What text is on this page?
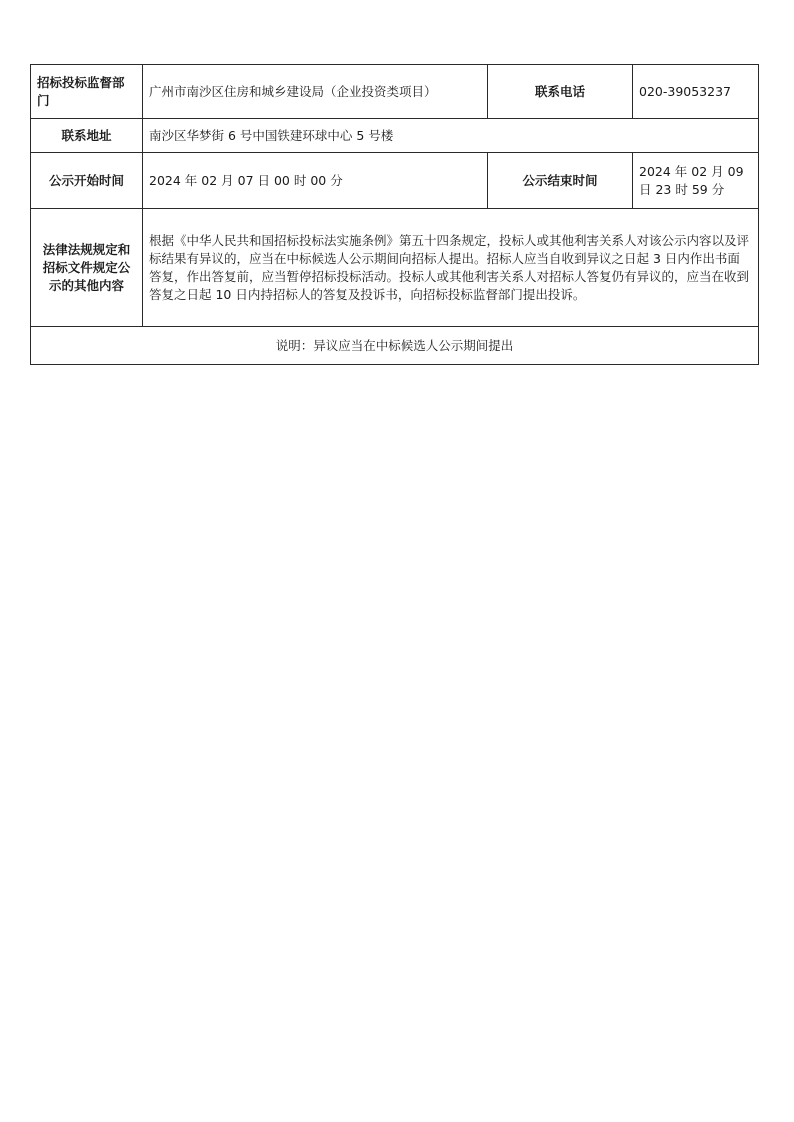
招标投标监督部门	广州市南沙区住房和城乡建设局（企业投资类项目）	联系电话	020-39053237
联系地址	南沙区华梦街 6 号中国铁建环球中心 5 号楼		
公示开始时间	2024 年 02 月 07 日 00 时 00 分	公示结束时间	2024 年 02 月 09 日 23 时 59 分
法律法规规定和招标文件规定公示的其他内容	根据《中华人民共和国招标投标法实施条例》第五十四条规定，投标人或其他利害关系人对该公示内容以及评标结果有异议的，应当在中标候选人公示期间向招标人提出。招标人应当自收到异议之日起 3 日内作出书面答复，作出答复前，应当暂停招标投标活动。投标人或其他利害关系人对招标人答复仍有异议的，应当在收到答复之日起 10 日内持招标人的答复及投诉书，向招标投标监督部门提出投诉。		
说明：异议应当在中标候选人公示期间提出			
